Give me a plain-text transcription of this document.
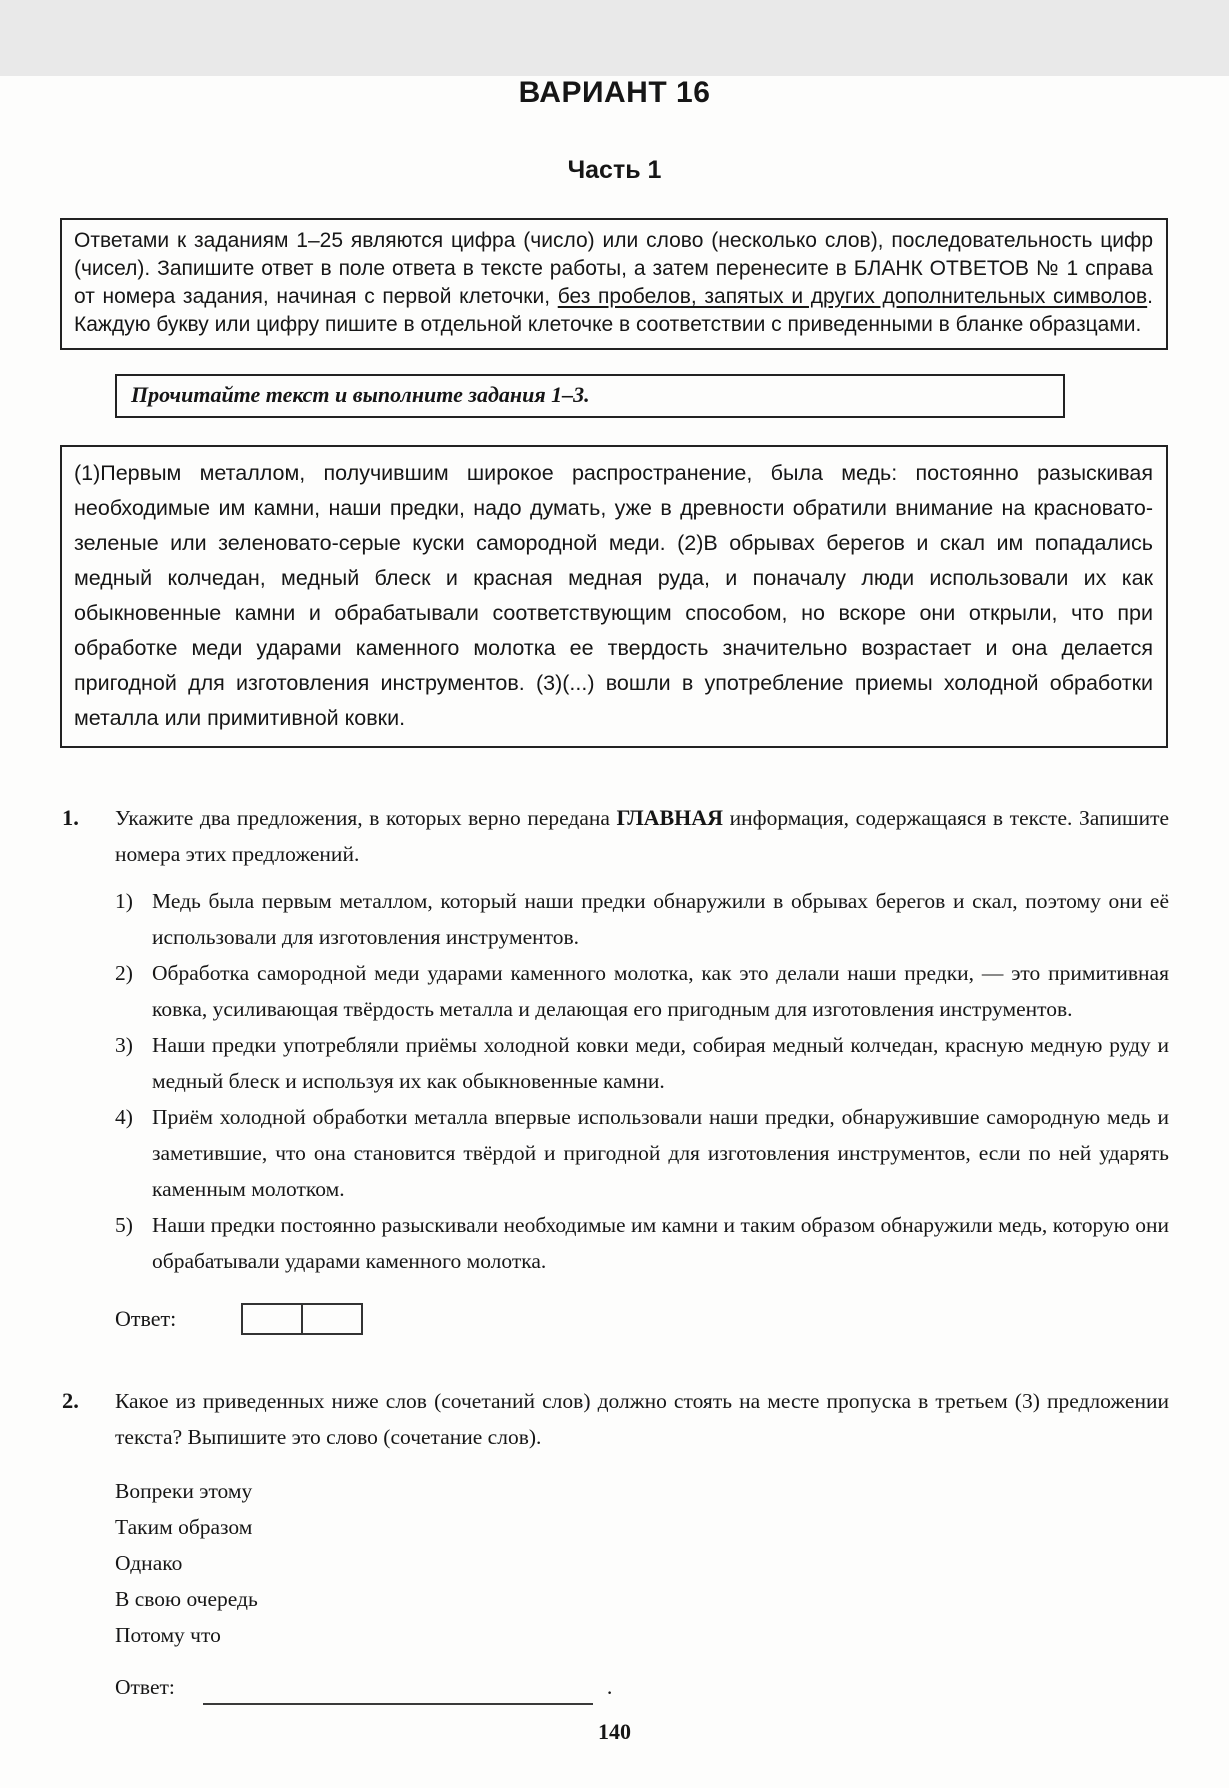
ВАРИАНТ 16
Часть 1
Ответами к заданиям 1–25 являются цифра (число) или слово (несколько слов), последовательность цифр (чисел). Запишите ответ в поле ответа в тексте работы, а затем перенесите в БЛАНК ОТВЕТОВ № 1 справа от номера задания, начиная с первой клеточки, без пробелов, запятых и других дополнительных символов. Каждую букву или цифру пишите в отдельной клеточке в соответствии с приведенными в бланке образцами.
Прочитайте текст и выполните задания 1–3.
(1)Первым металлом, получившим широкое распространение, была медь: постоянно разыскивая необходимые им камни, наши предки, надо думать, уже в древности обратили внимание на красновато-зеленые или зеленовато-серые куски самородной меди. (2)В обрывах берегов и скал им попадались медный колчедан, медный блеск и красная медная руда, и поначалу люди использовали их как обыкновенные камни и обрабатывали соответствующим способом, но вскоре они открыли, что при обработке меди ударами каменного молотка ее твердость значительно возрастает и она делается пригодной для изготовления инструментов. (3)(...) вошли в употребление приемы холодной обработки металла или примитивной ковки.
1.	Укажите два предложения, в которых верно передана ГЛАВНАЯ информация, содержащаяся в тексте. Запишите номера этих предложений.
1) Медь была первым металлом, который наши предки обнаружили в обрывах берегов и скал, поэтому они её использовали для изготовления инструментов.
2) Обработка самородной меди ударами каменного молотка, как это делали наши предки, — это примитивная ковка, усиливающая твёрдость металла и делающая его пригодным для изготовления инструментов.
3) Наши предки употребляли приёмы холодной ковки меди, собирая медный колчедан, красную медную руду и медный блеск и используя их как обыкновенные камни.
4) Приём холодной обработки металла впервые использовали наши предки, обнаружившие самородную медь и заметившие, что она становится твёрдой и пригодной для изготовления инструментов, если по ней ударять каменным молотком.
5) Наши предки постоянно разыскивали необходимые им камни и таким образом обнаружили медь, которую они обрабатывали ударами каменного молотка.
Ответ:
2.	Какое из приведенных ниже слов (сочетаний слов) должно стоять на месте пропуска в третьем (3) предложении текста? Выпишите это слово (сочетание слов).
Вопреки этому
Таким образом
Однако
В свою очередь
Потому что
Ответ:	.
140
